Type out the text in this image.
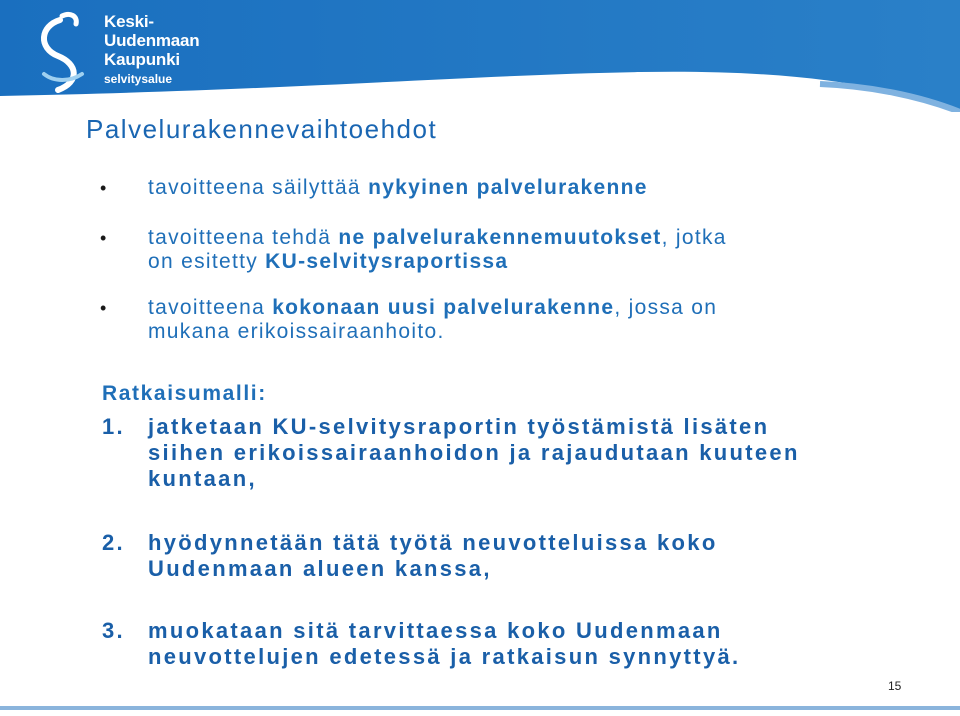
Keski-
Uudenmaan
Kaupunki
selvitysalue
Palvelurakennevaihtoehdot
• tavoitteena säilyttää nykyinen palvelurakenne
• tavoitteena tehdä ne palvelurakennemuutokset, jotka
on esitetty KU-selvitysraportissa
• tavoitteena kokonaan uusi palvelurakenne, jossa on
mukana erikoissairaanhoito.
Ratkaisumalli:
1. jatketaan KU-selvitysraportin työstämistä lisäten
siihen erikoissairaanhoidon ja rajaudutaan kuuteen
kuntaan,
2. hyödynnetään tätä työtä neuvotteluissa koko
Uudenmaan alueen kanssa,
3. muokataan sitä tarvittaessa koko Uudenmaan
neuvottelujen edetessä ja ratkaisun synnyttyä.
15
